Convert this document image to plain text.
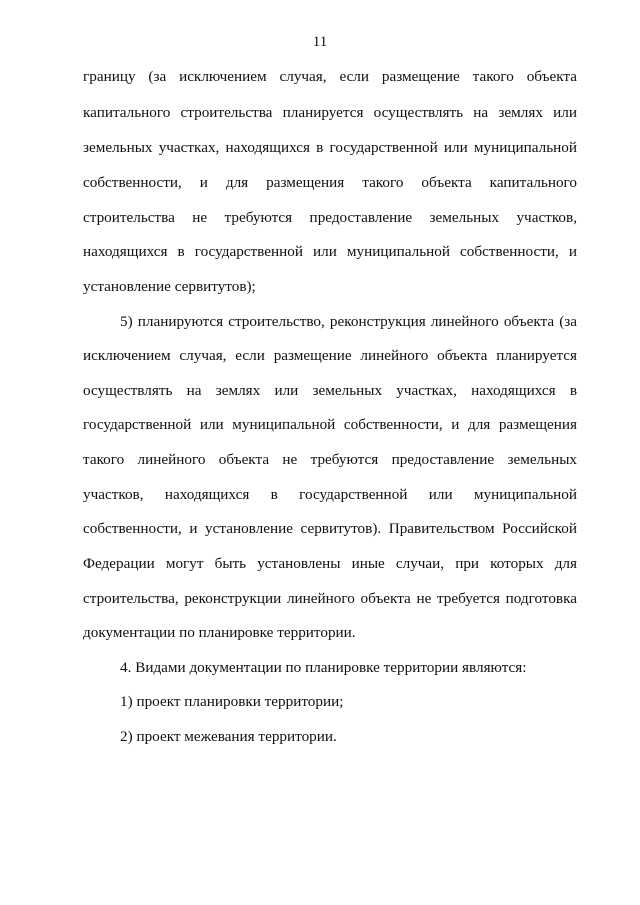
11
границу (за исключением случая, если размещение такого объекта
капитального строительства планируется осуществлять на землях или
земельных участках, находящихся в государственной или муниципальной
собственности, и для размещения такого объекта капитального
строительства не требуются предоставление земельных участков,
находящихся в государственной или муниципальной собственности, и
установление сервитутов);
5) планируются строительство, реконструкция линейного объекта (за
исключением случая, если размещение линейного объекта планируется
осуществлять на землях или земельных участках, находящихся в
государственной или муниципальной собственности, и для размещения
такого линейного объекта не требуются предоставление земельных
участков, находящихся в государственной или муниципальной
собственности, и установление сервитутов). Правительством Российской
Федерации могут быть установлены иные случаи, при которых для
строительства, реконструкции линейного объекта не требуется подготовка
документации по планировке территории.
4. Видами документации по планировке территории являются:
1) проект планировки территории;
2) проект межевания территории.
